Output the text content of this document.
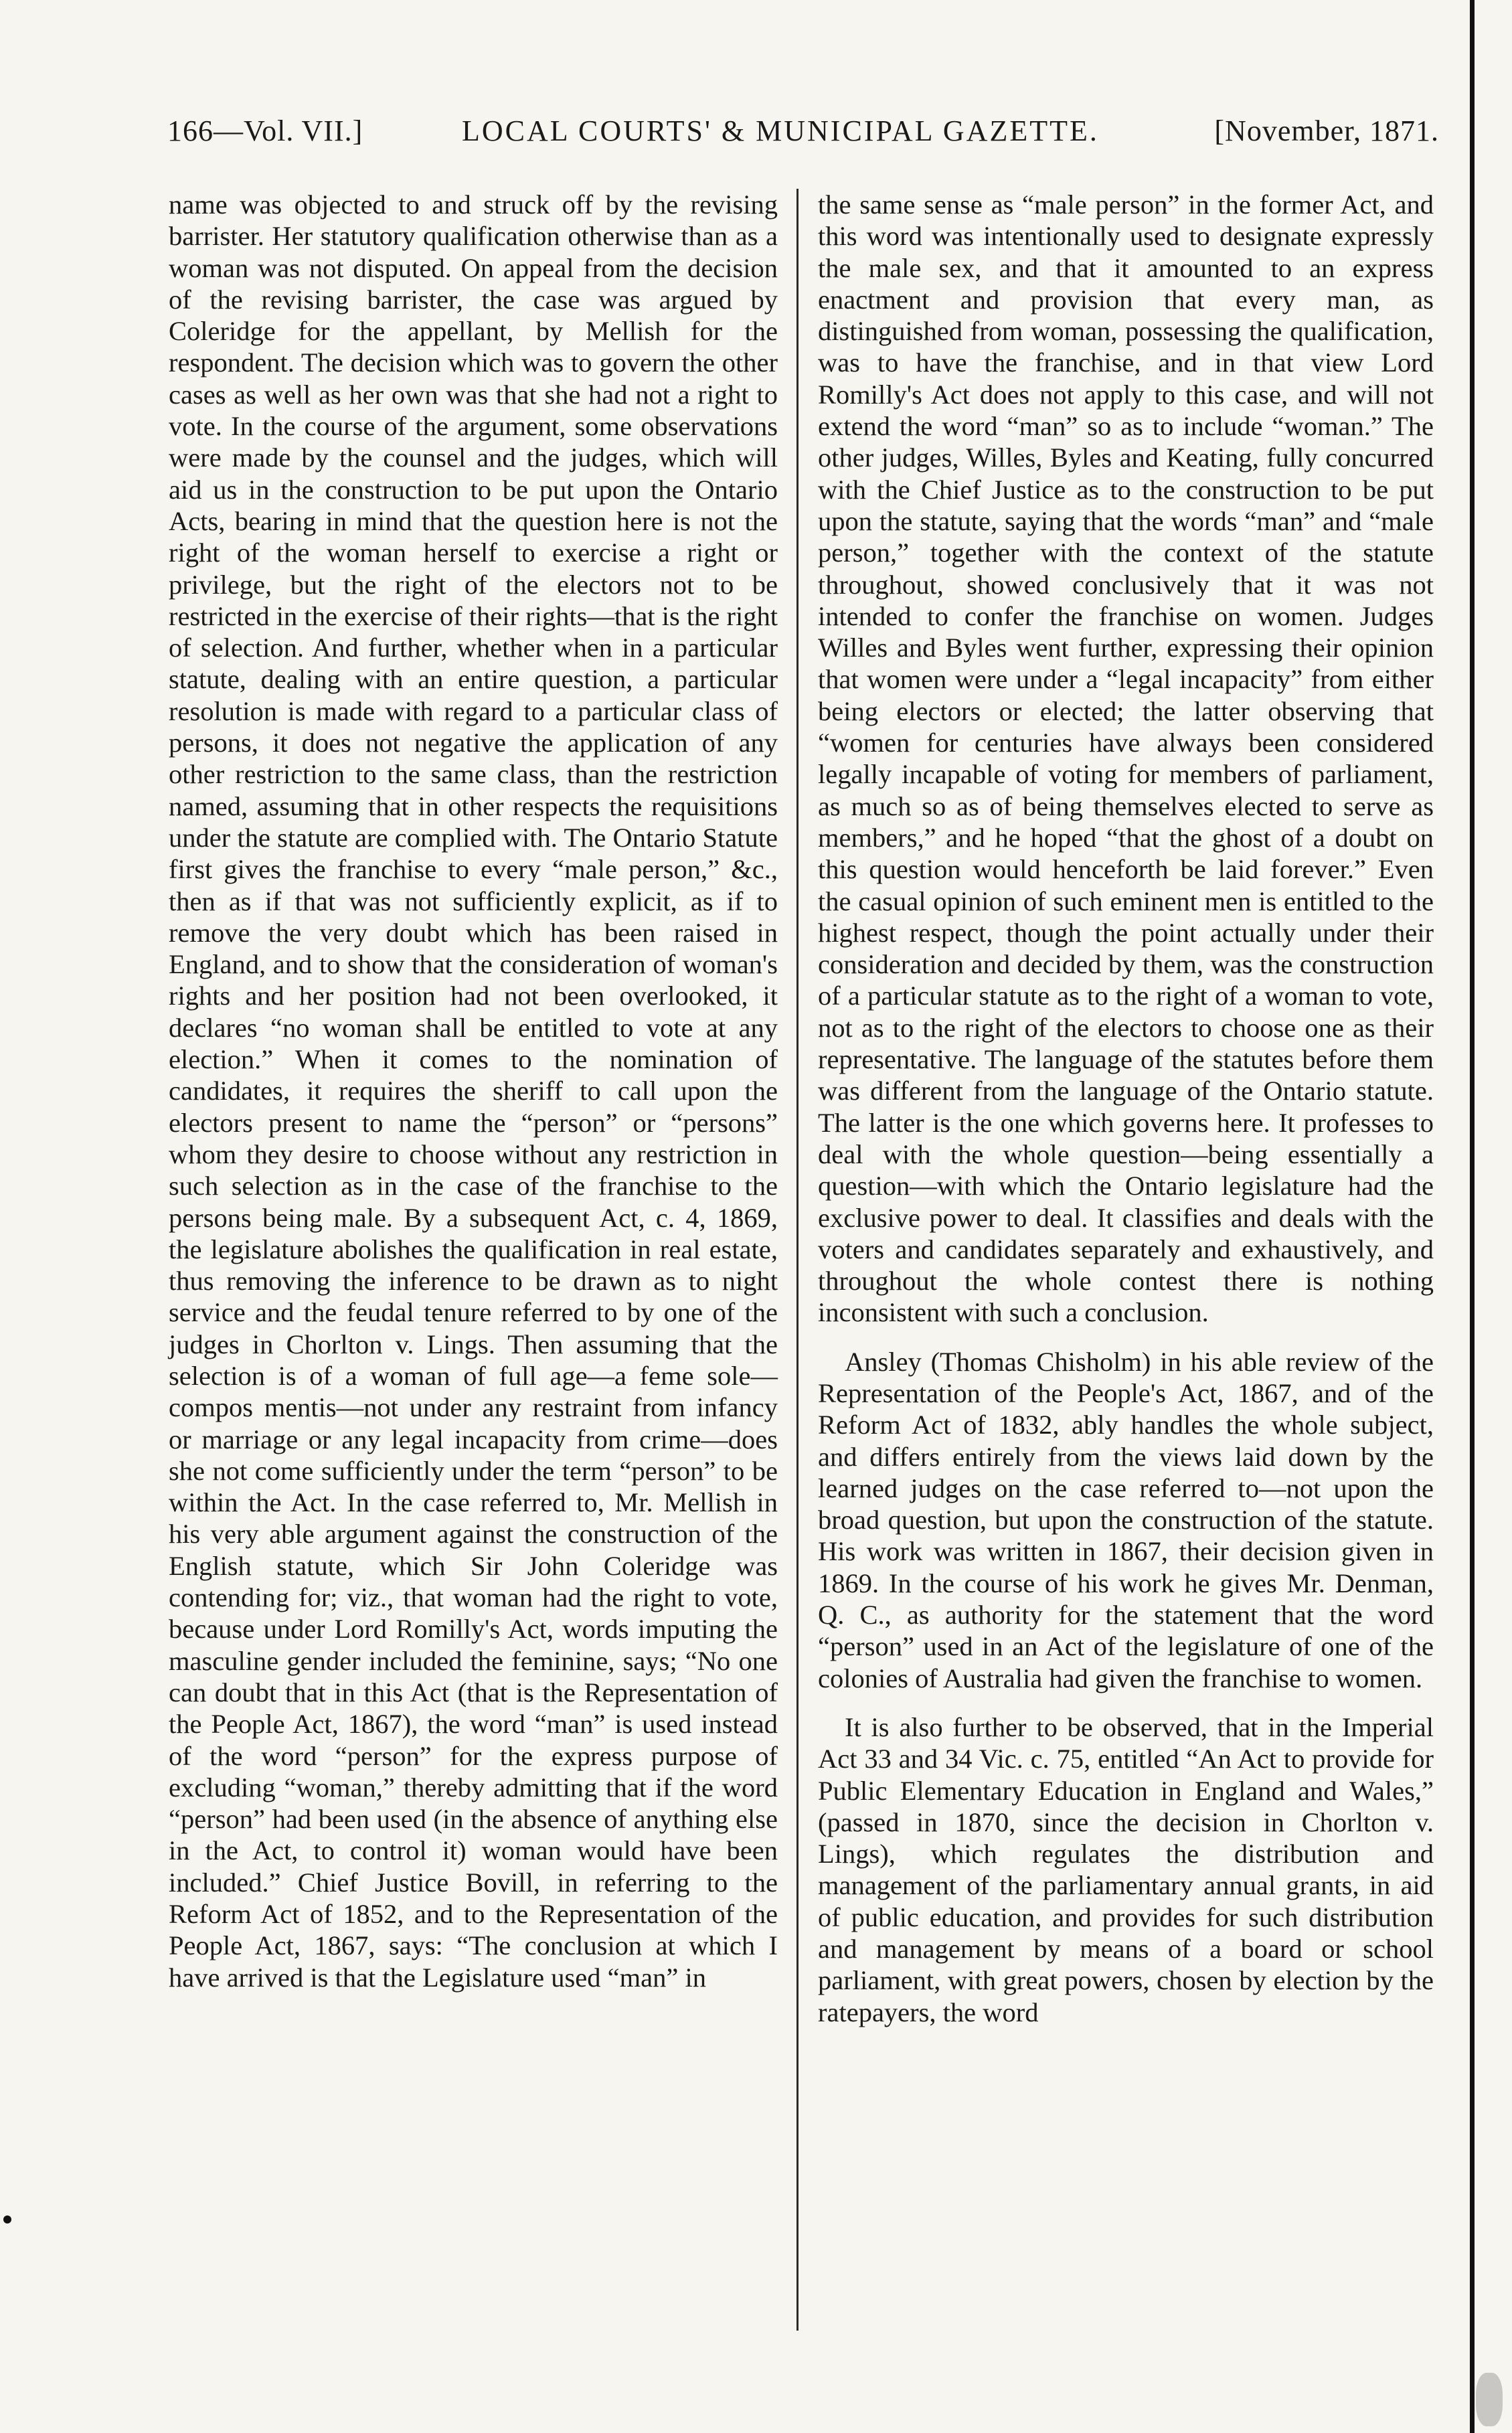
166—Vol. VII.]	LOCAL COURTS' & MUNICIPAL GAZETTE.	[November, 1871.

name was objected to and struck off by the revising barrister. Her statutory qualification otherwise than as a woman was not disputed. On appeal from the decision of the revising barrister, the case was argued by Coleridge for the appellant, by Mellish for the respondent. The decision which was to govern the other cases as well as her own was that she had not a right to vote. In the course of the argument, some observations were made by the counsel and the judges, which will aid us in the construction to be put upon the Ontario Acts, bearing in mind that the question here is not the right of the woman herself to exercise a right or privilege, but the right of the electors not to be restricted in the exercise of their rights—that is the right of selection. And further, whether when in a particular statute, dealing with an entire question, a particular resolution is made with regard to a particular class of persons, it does not negative the application of any other restriction to the same class, than the restriction named, assuming that in other respects the requisitions under the statute are complied with. The Ontario Statute first gives the franchise to every “male person,” &c., then as if that was not sufficiently explicit, as if to remove the very doubt which has been raised in England, and to show that the consideration of woman's rights and her position had not been overlooked, it declares “no woman shall be entitled to vote at any election.” When it comes to the nomination of candidates, it requires the sheriff to call upon the electors present to name the “person” or “persons” whom they desire to choose without any restriction in such selection as in the case of the franchise to the persons being male. By a subsequent Act, c. 4, 1869, the legislature abolishes the qualification in real estate, thus removing the inference to be drawn as to night service and the feudal tenure referred to by one of the judges in Chorlton v. Lings. Then assuming that the selection is of a woman of full age—a feme sole—compos mentis—not under any restraint from infancy or marriage or any legal incapacity from crime—does she not come sufficiently under the term “person” to be within the Act. In the case referred to, Mr. Mellish in his very able argument against the construction of the English statute, which Sir John Coleridge was contending for; viz., that woman had the right to vote, because under Lord Romilly's Act, words imputing the masculine gender included the feminine, says; “No one can doubt that in this Act (that is the Representation of the People Act, 1867), the word “man” is used instead of the word “person” for the express purpose of excluding “woman,” thereby admitting that if the word “person” had been used (in the absence of anything else in the Act, to control it) woman would have been included.” Chief Justice Bovill, in referring to the Reform Act of 1852, and to the Representation of the People Act, 1867, says: “The conclusion at which I have arrived is that the Legislature used “man” in

the same sense as “male person” in the former Act, and this word was intentionally used to designate expressly the male sex, and that it amounted to an express enactment and provision that every man, as distinguished from woman, possessing the qualification, was to have the franchise, and in that view Lord Romilly's Act does not apply to this case, and will not extend the word “man” so as to include “woman.” The other judges, Willes, Byles and Keating, fully concurred with the Chief Justice as to the construction to be put upon the statute, saying that the words “man” and “male person,” together with the context of the statute throughout, showed conclusively that it was not intended to confer the franchise on women. Judges Willes and Byles went further, expressing their opinion that women were under a “legal incapacity” from either being electors or elected; the latter observing that “women for centuries have always been considered legally incapable of voting for members of parliament, as much so as of being themselves elected to serve as members,” and he hoped “that the ghost of a doubt on this question would henceforth be laid forever.” Even the casual opinion of such eminent men is entitled to the highest respect, though the point actually under their consideration and decided by them, was the construction of a particular statute as to the right of a woman to vote, not as to the right of the electors to choose one as their representative. The language of the statutes before them was different from the language of the Ontario statute. The latter is the one which governs here. It professes to deal with the whole question—being essentially a question—with which the Ontario legislature had the exclusive power to deal. It classifies and deals with the voters and candidates separately and exhaustively, and throughout the whole contest there is nothing inconsistent with such a conclusion.

Ansley (Thomas Chisholm) in his able review of the Representation of the People's Act, 1867, and of the Reform Act of 1832, ably handles the whole subject, and differs entirely from the views laid down by the learned judges on the case referred to—not upon the broad question, but upon the construction of the statute. His work was written in 1867, their decision given in 1869. In the course of his work he gives Mr. Denman, Q. C., as authority for the statement that the word “person” used in an Act of the legislature of one of the colonies of Australia had given the franchise to women.

It is also further to be observed, that in the Imperial Act 33 and 34 Vic. c. 75, entitled “An Act to provide for Public Elementary Education in England and Wales,” (passed in 1870, since the decision in Chorlton v. Lings), which regulates the distribution and management of the parliamentary annual grants, in aid of public education, and provides for such distribution and management by means of a board or school parliament, with great powers, chosen by election by the ratepayers, the word
